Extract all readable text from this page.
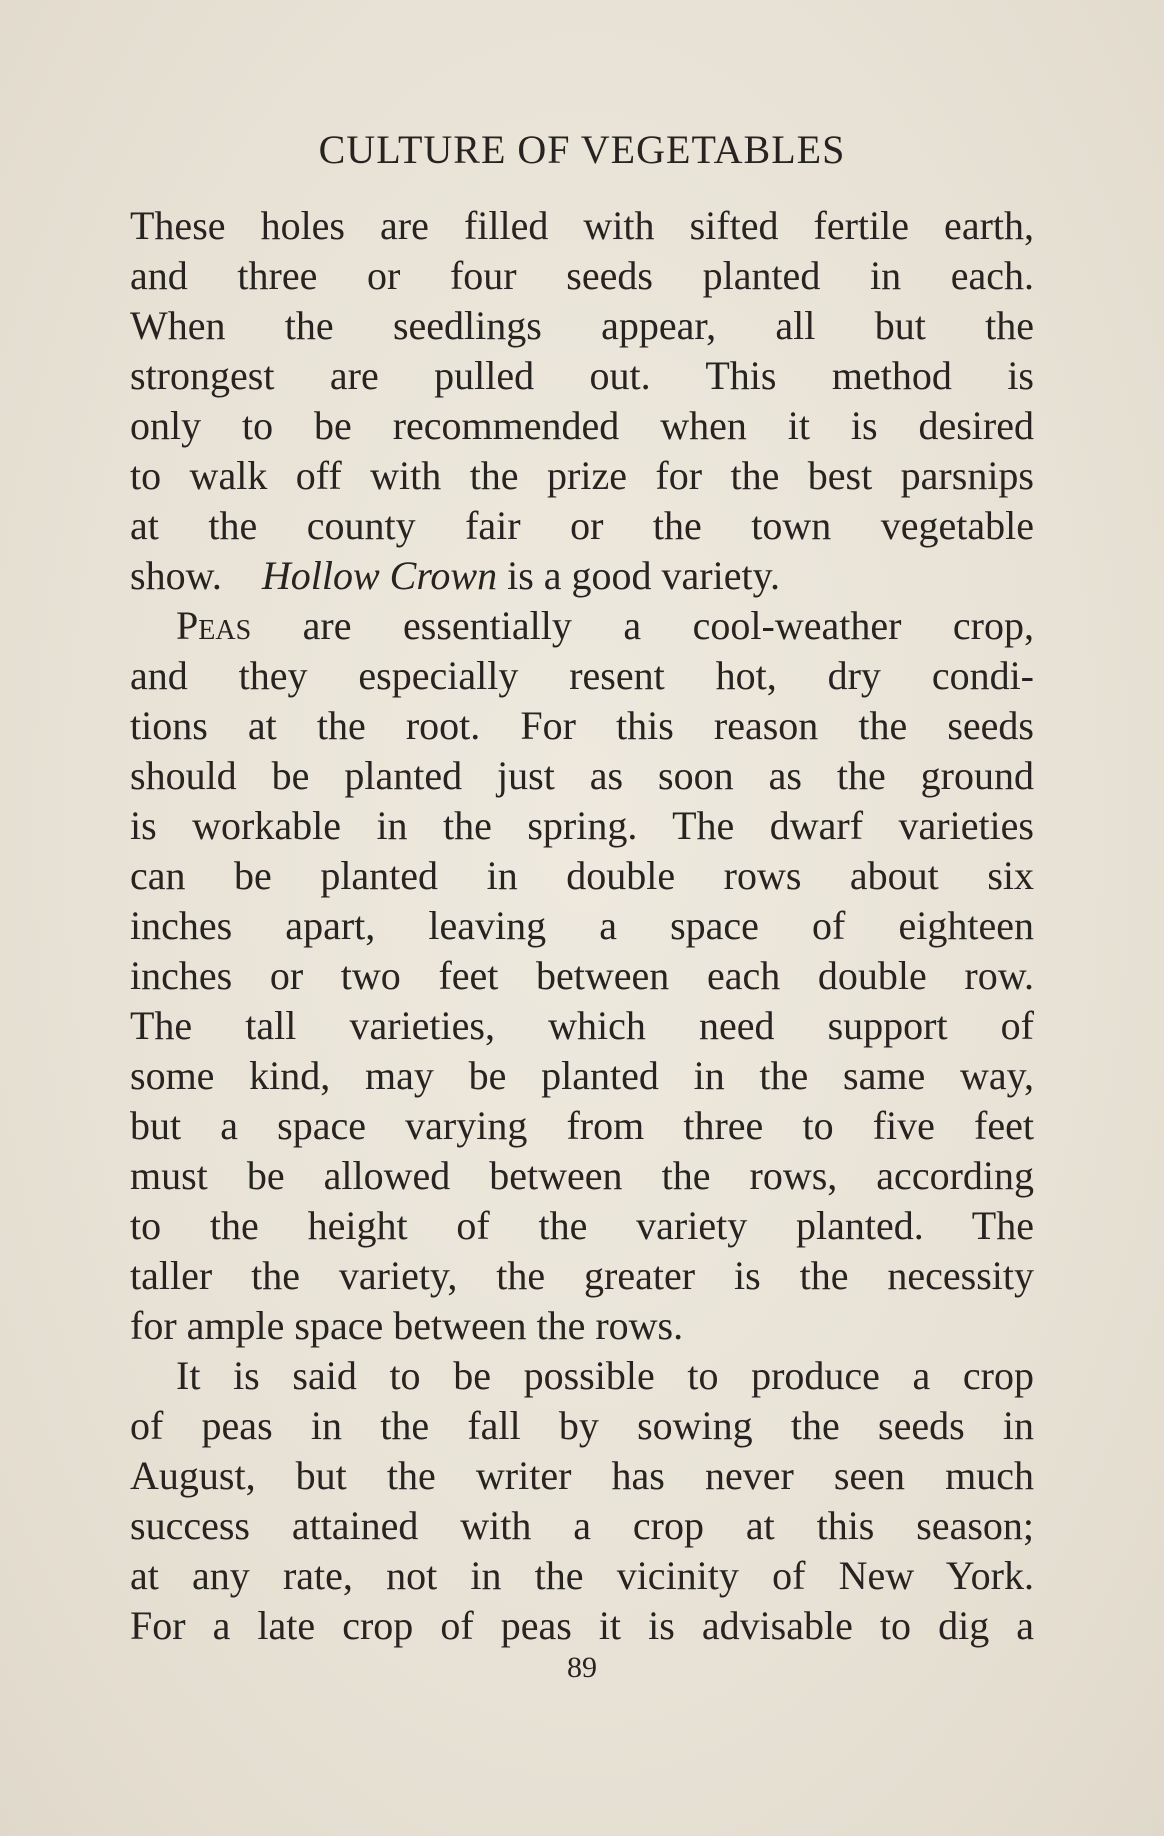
CULTURE OF VEGETABLES
These holes are filled with sifted fertile earth,
and three or four seeds planted in each.
When the seedlings appear, all but the
strongest are pulled out. This method is
only to be recommended when it is desired
to walk off with the prize for the best parsnips
at the county fair or the town vegetable
show. Hollow Crown is a good variety.
Peas are essentially a cool-weather crop,
and they especially resent hot, dry condi-
tions at the root. For this reason the seeds
should be planted just as soon as the ground
is workable in the spring. The dwarf varieties
can be planted in double rows about six
inches apart, leaving a space of eighteen
inches or two feet between each double row.
The tall varieties, which need support of
some kind, may be planted in the same way,
but a space varying from three to five feet
must be allowed between the rows, according
to the height of the variety planted. The
taller the variety, the greater is the necessity
for ample space between the rows.
It is said to be possible to produce a crop
of peas in the fall by sowing the seeds in
August, but the writer has never seen much
success attained with a crop at this season;
at any rate, not in the vicinity of New York.
For a late crop of peas it is advisable to dig a
89
